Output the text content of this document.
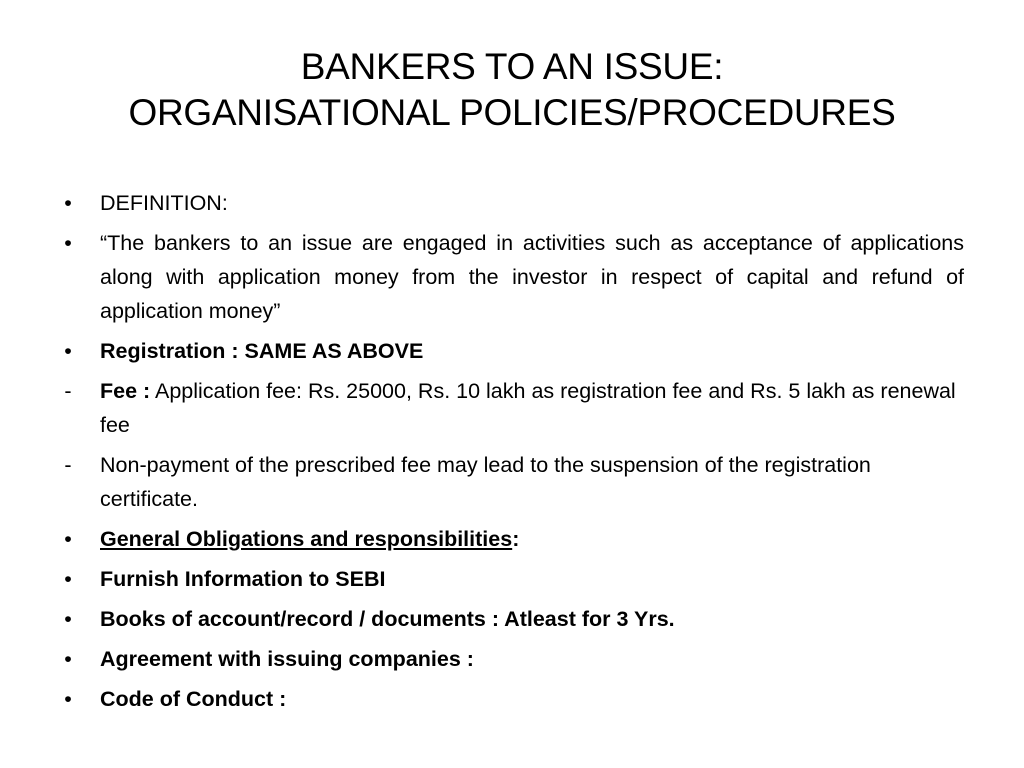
BANKERS TO AN ISSUE:
ORGANISATIONAL POLICIES/PROCEDURES
• DEFINITION:
• “The bankers to an issue are engaged in activities such as acceptance of applications along with application money from the investor in respect of capital and refund of application money”
• Registration : SAME AS ABOVE
- Fee : Application fee: Rs. 25000, Rs. 10 lakh as registration fee and Rs. 5 lakh as renewal fee
- Non-payment of the prescribed fee may lead to the suspension of the registration certificate.
• General Obligations and responsibilities:
• Furnish Information to SEBI
• Books of account/record / documents : Atleast for 3 Yrs.
• Agreement with issuing companies :
• Code of Conduct :
